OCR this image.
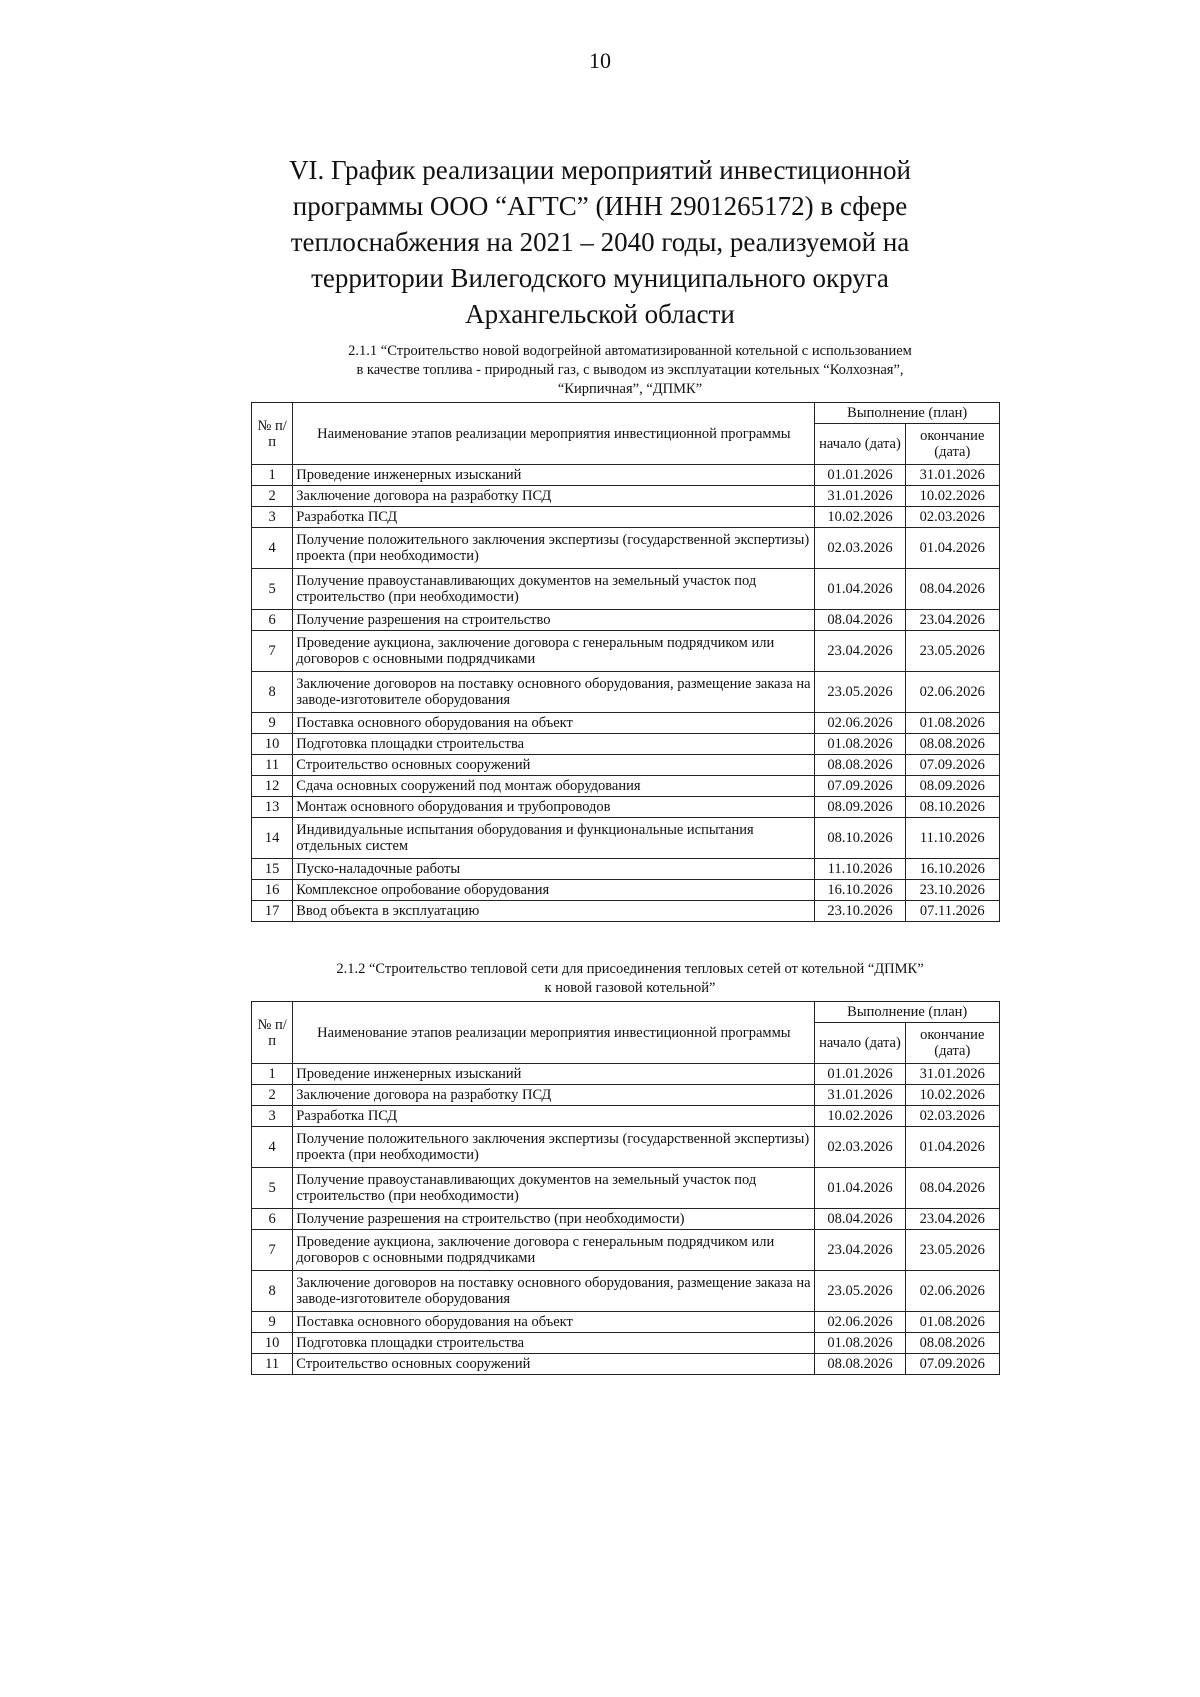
10
VI. График реализации мероприятий инвестиционной
программы ООО “АГТС” (ИНН 2901265172) в сфере
теплоснабжения на 2021 – 2040 годы, реализуемой на
территории Вилегодского муниципального округа
Архангельской области
2.1.1 “Строительство новой водогрейной автоматизированной котельной с использованием
в качестве топлива - природный газ, с выводом из эксплуатации котельных “Колхозная”,
“Кирпичная”, “ДПМК”
№ п/п	Наименование этапов реализации мероприятия инвестиционной программы	Выполнение (план)	
		начало (дата)	окончание (дата)
1	Проведение инженерных изысканий	01.01.2026	31.01.2026
2	Заключение договора на разработку ПСД	31.01.2026	10.02.2026
3	Разработка ПСД	10.02.2026	02.03.2026
4	Получение положительного заключения экспертизы (государственной экспертизы) проекта (при необходимости)	02.03.2026	01.04.2026
5	Получение правоустанавливающих документов на земельный участок под строительство (при необходимости)	01.04.2026	08.04.2026
6	Получение разрешения на строительство	08.04.2026	23.04.2026
7	Проведение аукциона, заключение договора с генеральным подрядчиком или договоров с основными подрядчиками	23.04.2026	23.05.2026
8	Заключение договоров на поставку основного оборудования, размещение заказа на заводе-изготовителе оборудования	23.05.2026	02.06.2026
9	Поставка основного оборудования на объект	02.06.2026	01.08.2026
10	Подготовка площадки строительства	01.08.2026	08.08.2026
11	Строительство основных сооружений	08.08.2026	07.09.2026
12	Сдача основных сооружений под монтаж оборудования	07.09.2026	08.09.2026
13	Монтаж основного оборудования и трубопроводов	08.09.2026	08.10.2026
14	Индивидуальные испытания оборудования и функциональные испытания отдельных систем	08.10.2026	11.10.2026
15	Пуско-наладочные работы	11.10.2026	16.10.2026
16	Комплексное опробование оборудования	16.10.2026	23.10.2026
17	Ввод объекта в эксплуатацию	23.10.2026	07.11.2026
2.1.2 “Строительство тепловой сети для присоединения тепловых сетей от котельной “ДПМК”
к новой газовой котельной”
№ п/п	Наименование этапов реализации мероприятия инвестиционной программы	Выполнение (план)	
		начало (дата)	окончание (дата)
1	Проведение инженерных изысканий	01.01.2026	31.01.2026
2	Заключение договора на разработку ПСД	31.01.2026	10.02.2026
3	Разработка ПСД	10.02.2026	02.03.2026
4	Получение положительного заключения экспертизы (государственной экспертизы) проекта (при необходимости)	02.03.2026	01.04.2026
5	Получение правоустанавливающих документов на земельный участок под строительство (при необходимости)	01.04.2026	08.04.2026
6	Получение разрешения на строительство (при необходимости)	08.04.2026	23.04.2026
7	Проведение аукциона, заключение договора с генеральным подрядчиком или договоров с основными подрядчиками	23.04.2026	23.05.2026
8	Заключение договоров на поставку основного оборудования, размещение заказа на заводе-изготовителе оборудования	23.05.2026	02.06.2026
9	Поставка основного оборудования на объект	02.06.2026	01.08.2026
10	Подготовка площадки строительства	01.08.2026	08.08.2026
11	Строительство основных сооружений	08.08.2026	07.09.2026
